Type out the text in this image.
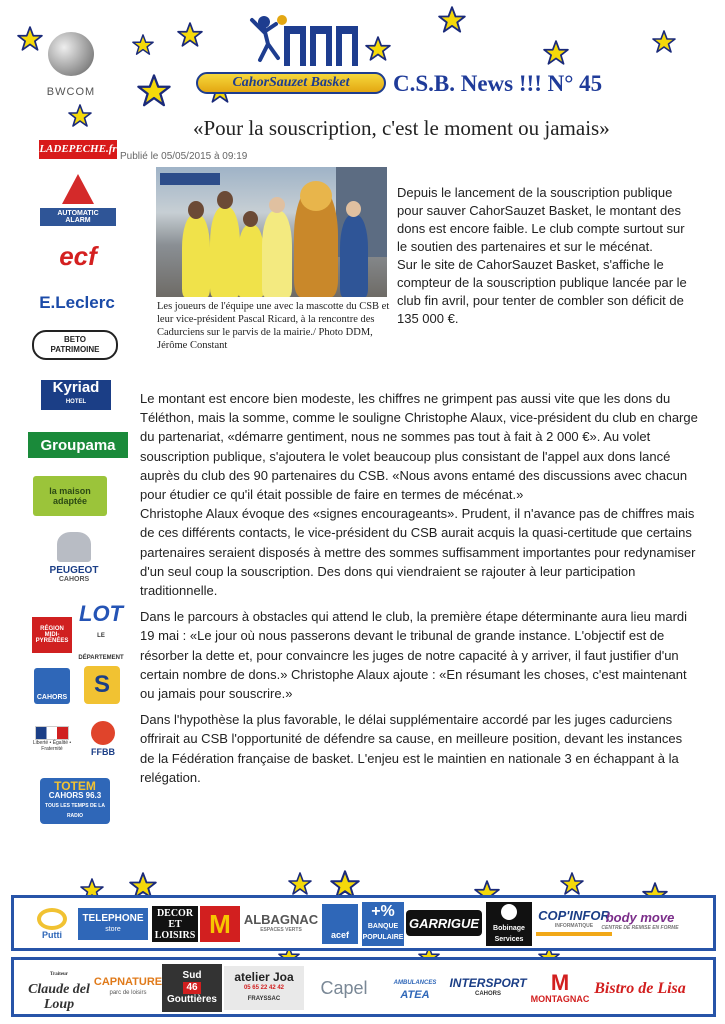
BWCOM
CahorSauzet Basket	C.S.B. News !!! N° 45
«Pour la souscription, c'est le moment ou jamais»
LADEPECHE.fr
Publié le 05/05/2015 à 09:19
Les joueurs de l'équipe une avec la mascotte du CSB et leur vice-président Pascal Ricard, à la rencontre des Cadurciens sur le parvis de la mairie./ Photo DDM, Jérôme Constant

Depuis le lancement de la souscription publique pour sauver CahorSauzet Basket, le montant des dons est encore faible. Le club compte surtout sur le soutien des partenaires et sur le mécénat.

Sur le site de CahorSauzet Basket, s'affiche le compteur de la souscription publique lancée par le club fin avril, pour tenter de combler son déficit de 135 000 €.

Le montant est encore bien modeste, les chiffres ne grimpent pas aussi vite que les dons du Téléthon, mais la somme, comme le souligne Christophe Alaux, vice-président du club en charge du partenariat, «démarre gentiment, nous ne sommes pas tout à fait à 2 000 €». Au volet souscription publique, s'ajoutera le volet beaucoup plus consistant de l'appel aux dons lancé auprès du club des 90 partenaires du CSB. «Nous avons entamé des discussions avec chacun pour étudier ce qu'il était possible de faire en termes de mécénat.»

Christophe Alaux évoque des «signes encourageants». Prudent, il n'avance pas de chiffres mais de ces différents contacts, le vice-président du CSB aurait acquis la quasi-certitude que certains partenaires seraient disposés à mettre des sommes suffisamment importantes pour redynamiser d'un seul coup la souscription. Des dons qui viendraient se rajouter à leur participation traditionnelle.

Dans le parcours à obstacles qui attend le club, la première étape déterminante aura lieu mardi 19 mai : «Le jour où nous passerons devant le tribunal de grande instance. L'objectif est de résorber la dette et, pour convaincre les juges de notre capacité à y arriver, il faut justifier d'un certain nombre de dons.» Christophe Alaux ajoute : «En résumant les choses, c'est maintenant ou jamais pour souscrire.»

Dans l'hypothèse la plus favorable, le délai supplémentaire accordé par les juges cadurciens offrirait au CSB l'opportunité de défendre sa cause, en meilleure position, devant les instances de la Fédération française de basket. L'enjeu est le maintien en nationale 3 en échappant à la relégation.

AUTOMATIC ALARM
ecf
E.Leclerc
BETO
PATRIMOINE
Kyriad
HOTEL
Groupama
la maison
adaptée
PEUGEOT
CAHORS
RÉGION
MIDI-PYRÉNÉES
LOT
LE DÉPARTEMENT
CAHORS	S
Liberté • Égalité • Fraternité	FFBB
TOTEM
CAHORS 96.3
TOUS LES TEMPS DE LA RADIO
Putti
TELEPHONE
store
DECOR ET LOISIRS M ALBAGNAC
ESPACES VERTS	acef
+%
BANQUE POPULAIRE
GARRIGUE	Bobinage
Services
COP'INFOR
INFORMATIQUE
body move
CENTRE DE REMISE EN FORME
Traiteur
Claude del
Loup
CAPNATURE
parc de loisirs
Sud
46
Gouttières
atelier Joa
05 65 22 42 42
FRAYSSAC
Capel	AMBULANCES
ATEA
INTERSPORT
CAHORS M
MONTAGNAC
Bistro de Lisa
